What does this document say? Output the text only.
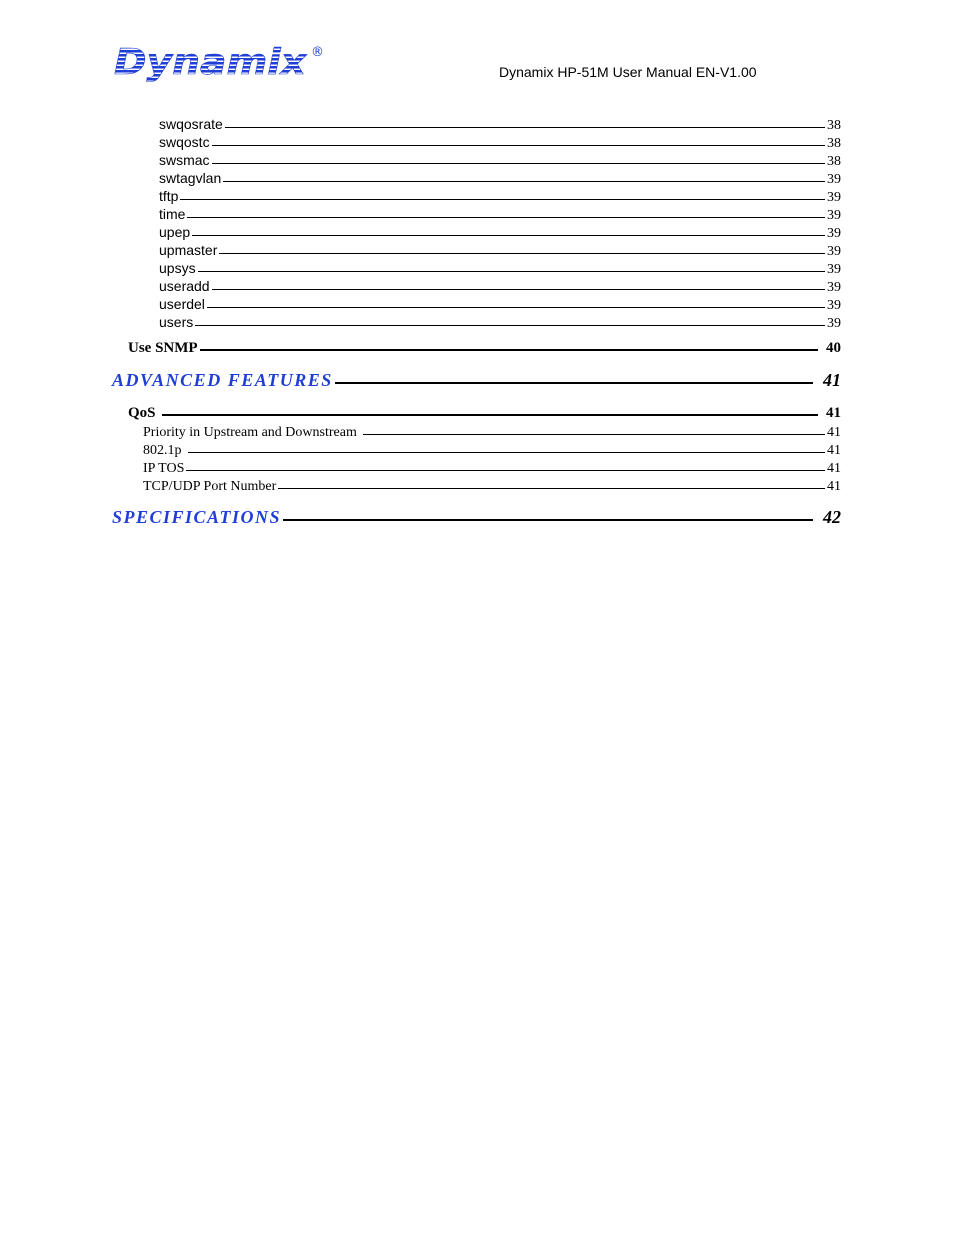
Dynamix ®
Dynamix HP-51M User Manual EN-V1.00
swqosrate	38
swqostc	38
swsmac	38
swtagvlan	39
tftp	39
time	39
upep	39
upmaster	39
upsys	39
useradd	39
userdel	39
users	39
Use SNMP	40
ADVANCED FEATURES	41
QoS	41
Priority in Upstream and Downstream	41
802.1p	41
IP TOS	41
TCP/UDP Port Number	41
SPECIFICATIONS	42
